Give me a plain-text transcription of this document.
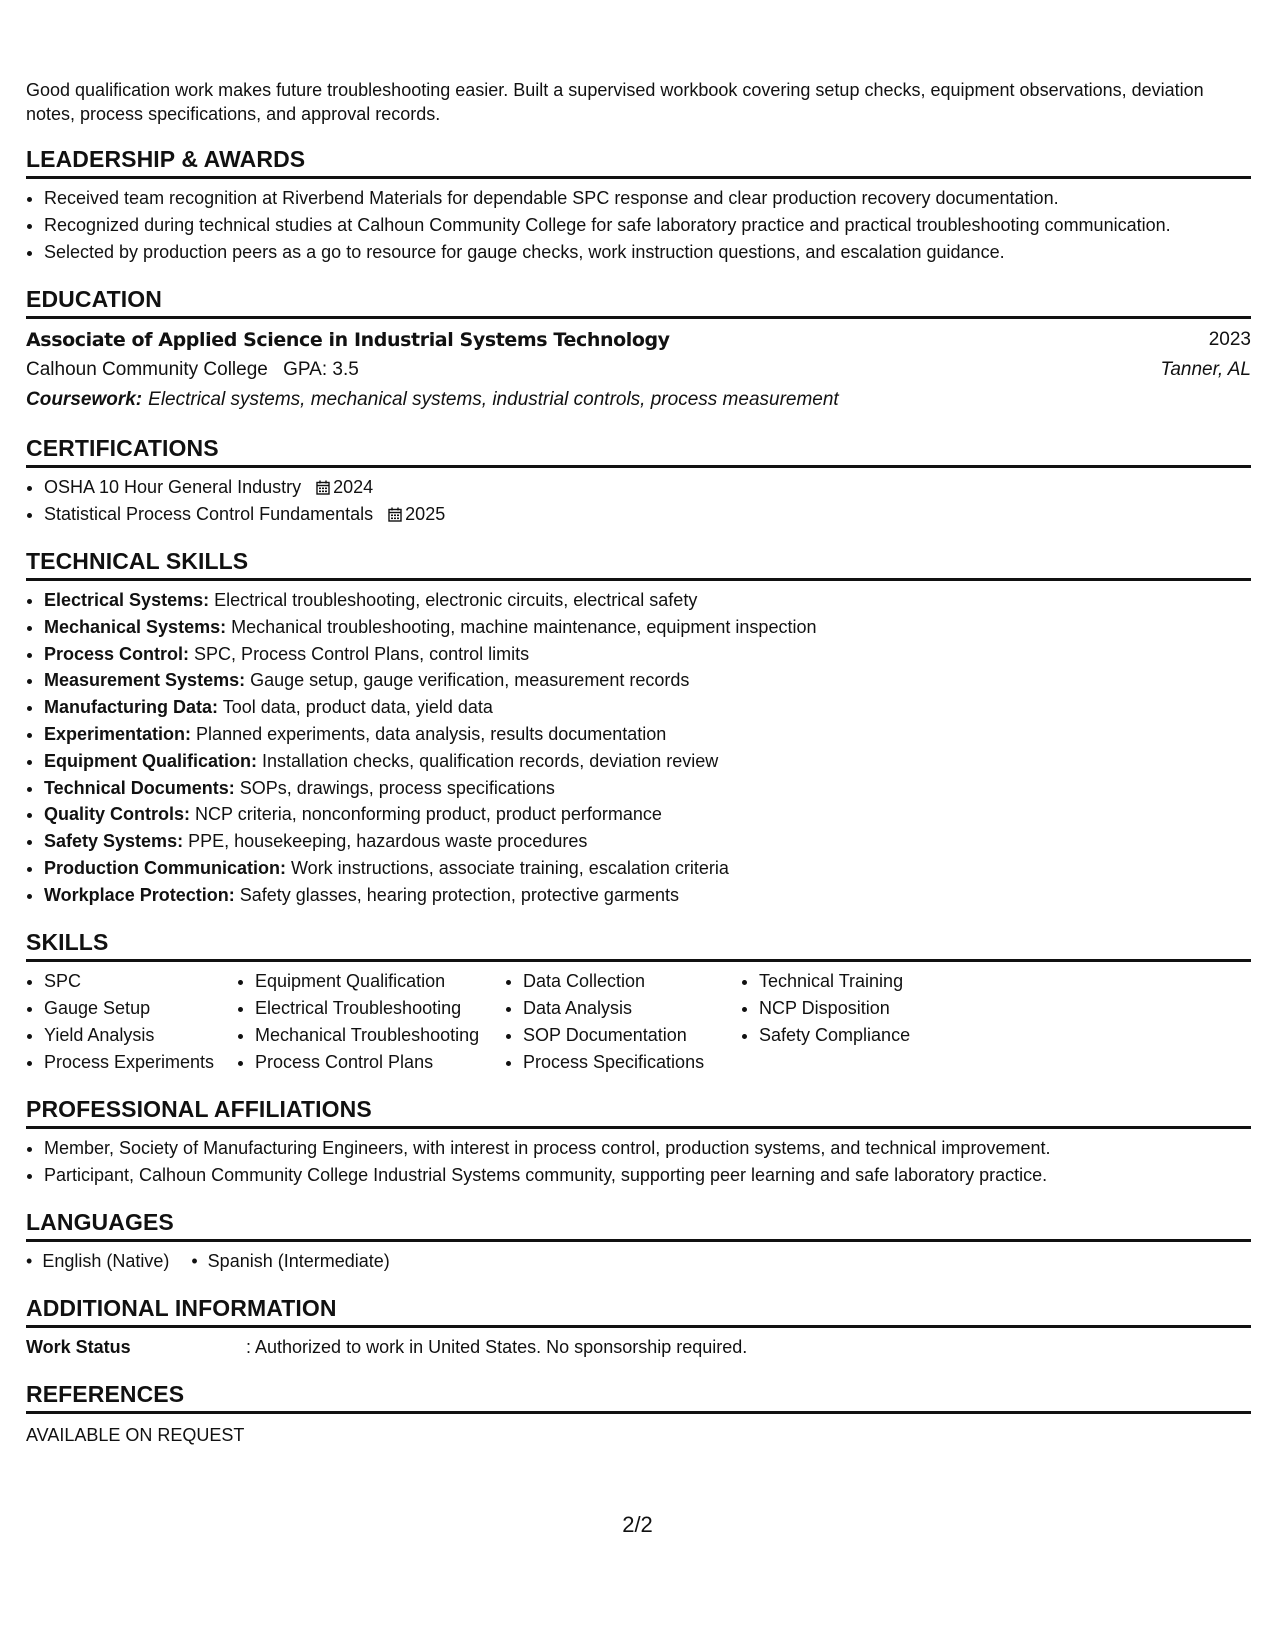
Good qualification work makes future troubleshooting easier. Built a supervised workbook covering setup checks, equipment observations, deviation notes, process specifications, and approval records.

LEADERSHIP & AWARDS
• Received team recognition at Riverbend Materials for dependable SPC response and clear production recovery documentation.
• Recognized during technical studies at Calhoun Community College for safe laboratory practice and practical troubleshooting communication.
• Selected by production peers as a go to resource for gauge checks, work instruction questions, and escalation guidance.
EDUCATION
Associate of Applied Science in Industrial Systems Technology	2023
Calhoun Community College GPA: 3.5	Tanner, AL
Coursework: Electrical systems, mechanical systems, industrial controls, process measurement
CERTIFICATIONS
• OSHA 10 Hour General Industry 2024
• Statistical Process Control Fundamentals 2025
TECHNICAL SKILLS
• Electrical Systems: Electrical troubleshooting, electronic circuits, electrical safety
• Mechanical Systems: Mechanical troubleshooting, machine maintenance, equipment inspection
• Process Control: SPC, Process Control Plans, control limits
• Measurement Systems: Gauge setup, gauge verification, measurement records
• Manufacturing Data: Tool data, product data, yield data
• Experimentation: Planned experiments, data analysis, results documentation
• Equipment Qualification: Installation checks, qualification records, deviation review
• Technical Documents: SOPs, drawings, process specifications
• Quality Controls: NCP criteria, nonconforming product, product performance
• Safety Systems: PPE, housekeeping, hazardous waste procedures
• Production Communication: Work instructions, associate training, escalation criteria
• Workplace Protection: Safety glasses, hearing protection, protective garments
SKILLS
• SPC
• Gauge Setup
• Yield Analysis
• Process Experiments
• Equipment Qualification
• Electrical Troubleshooting
• Mechanical Troubleshooting
• Process Control Plans
• Data Collection
• Data Analysis
• SOP Documentation
• Process Specifications
• Technical Training
• NCP Disposition
• Safety Compliance
PROFESSIONAL AFFILIATIONS
• Member, Society of Manufacturing Engineers, with interest in process control, production systems, and technical improvement.
• Participant, Calhoun Community College Industrial Systems community, supporting peer learning and safe laboratory practice.
LANGUAGES
• English (Native)
•	Spanish (Intermediate)
ADDITIONAL INFORMATION
Work Status	: Authorized to work in United States. No sponsorship required.
REFERENCES
AVAILABLE ON REQUEST
2/2
